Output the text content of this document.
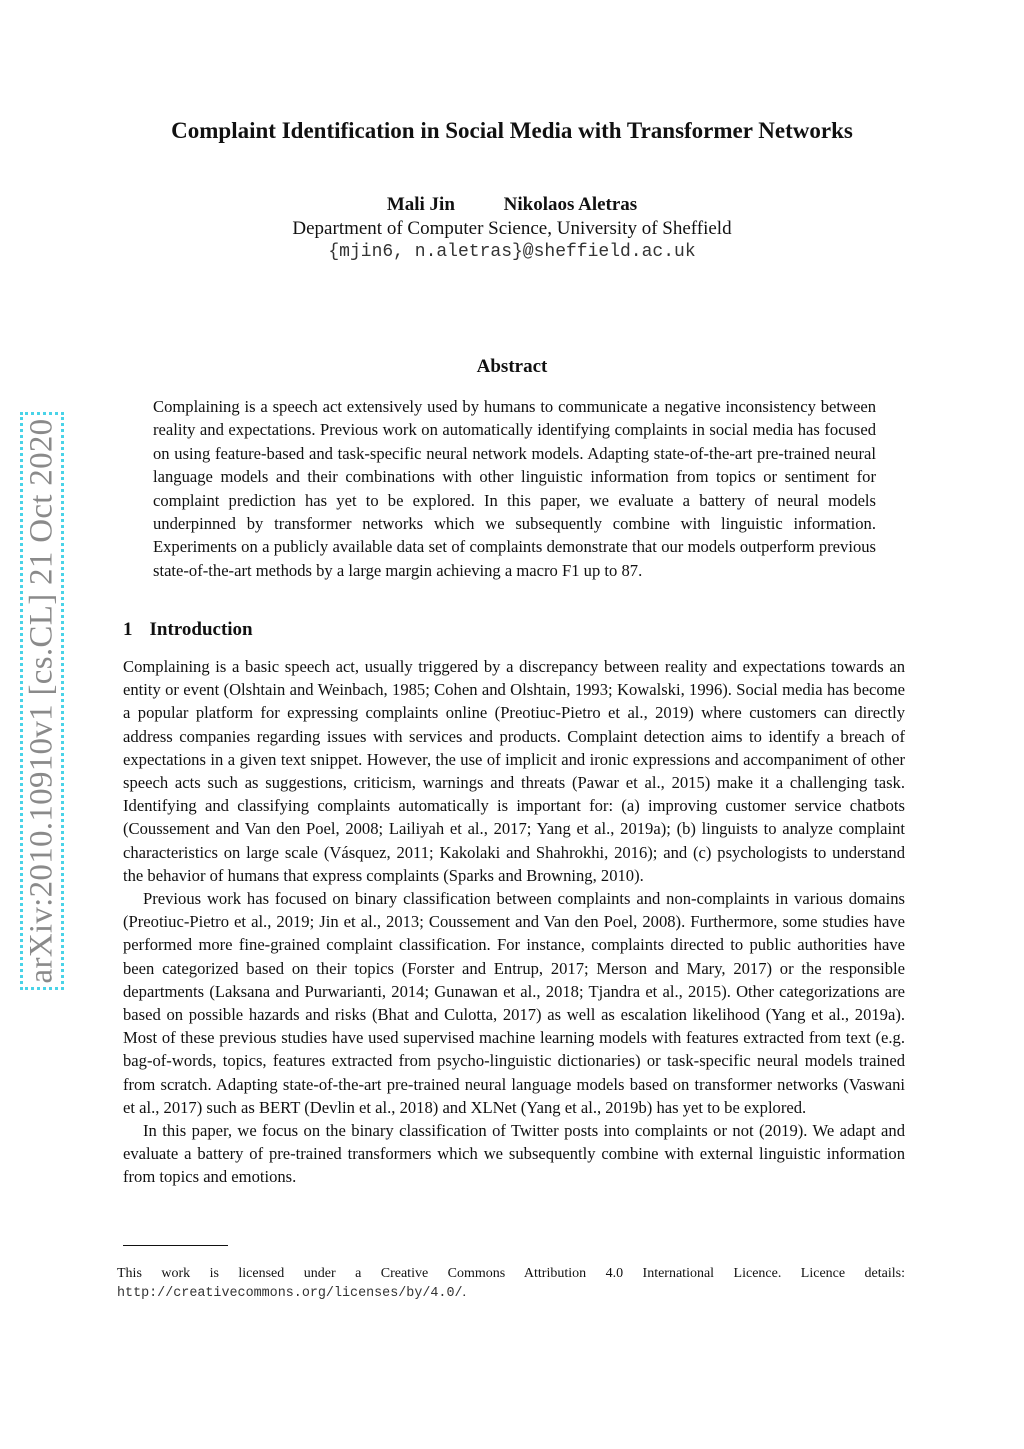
arXiv:2010.10910v1 [cs.CL] 21 Oct 2020
Complaint Identification in Social Media with Transformer Networks
Mali Jin	Nikolaos Aletras
Department of Computer Science, University of Sheffield
{mjin6, n.aletras}@sheffield.ac.uk
Abstract

Complaining is a speech act extensively used by humans to communicate a negative inconsistency between reality and expectations. Previous work on automatically identifying complaints in social media has focused on using feature-based and task-specific neural network models. Adapting state-of-the-art pre-trained neural language models and their combinations with other linguistic information from topics or sentiment for complaint prediction has yet to be explored. In this paper, we evaluate a battery of neural models underpinned by transformer networks which we subsequently combine with linguistic information. Experiments on a publicly available data set of complaints demonstrate that our models outperform previous state-of-the-art methods by a large margin achieving a macro F1 up to 87.

1 Introduction

Complaining is a basic speech act, usually triggered by a discrepancy between reality and expectations towards an entity or event (Olshtain and Weinbach, 1985; Cohen and Olshtain, 1993; Kowalski, 1996). Social media has become a popular platform for expressing complaints online (Preotiuc-Pietro et al., 2019) where customers can directly address companies regarding issues with services and products. Complaint detection aims to identify a breach of expectations in a given text snippet. However, the use of implicit and ironic expressions and accompaniment of other speech acts such as suggestions, criticism, warnings and threats (Pawar et al., 2015) make it a challenging task. Identifying and classifying complaints automatically is important for: (a) improving customer service chatbots (Coussement and Van den Poel, 2008; Lailiyah et al., 2017; Yang et al., 2019a); (b) linguists to analyze complaint characteristics on large scale (Vásquez, 2011; Kakolaki and Shahrokhi, 2016); and (c) psychologists to understand the behavior of humans that express complaints (Sparks and Browning, 2010).

Previous work has focused on binary classification between complaints and non-complaints in various domains (Preotiuc-Pietro et al., 2019; Jin et al., 2013; Coussement and Van den Poel, 2008). Furthermore, some studies have performed more fine-grained complaint classification. For instance, complaints directed to public authorities have been categorized based on their topics (Forster and Entrup, 2017; Merson and Mary, 2017) or the responsible departments (Laksana and Purwarianti, 2014; Gunawan et al., 2018; Tjandra et al., 2015). Other categorizations are based on possible hazards and risks (Bhat and Culotta, 2017) as well as escalation likelihood (Yang et al., 2019a). Most of these previous studies have used supervised machine learning models with features extracted from text (e.g. bag-of-words, topics, features extracted from psycho-linguistic dictionaries) or task-specific neural models trained from scratch. Adapting state-of-the-art pre-trained neural language models based on transformer networks (Vaswani et al., 2017) such as BERT (Devlin et al., 2018) and XLNet (Yang et al., 2019b) has yet to be explored.

In this paper, we focus on the binary classification of Twitter posts into complaints or not (2019). We adapt and evaluate a battery of pre-trained transformers which we subsequently combine with external linguistic information from topics and emotions.

This work is licensed under a Creative Commons Attribution 4.0 International Licence. Licence details: http://creativecommons.org/licenses/by/4.0/.
